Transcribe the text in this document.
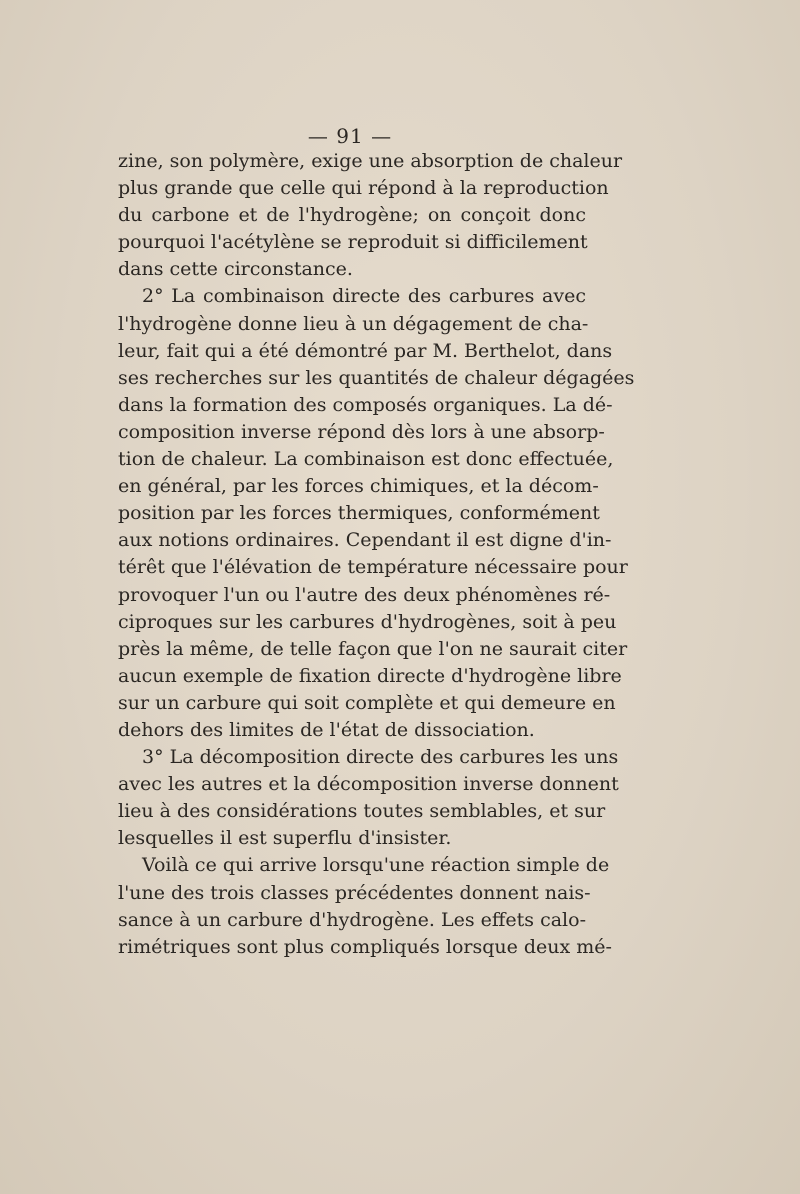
— 91 —
zine, son polymère, exige une absorption de chaleur
plus grande que celle qui répond à la reproduction
du carbone et de l'hydrogène; on conçoit donc
pourquoi l'acétylène se reproduit si difficilement
dans cette circonstance.
2° La combinaison directe des carbures avec
l'hydrogène donne lieu à un dégagement de cha-
leur, fait qui a été démontré par M. Berthelot, dans
ses recherches sur les quantités de chaleur dégagées
dans la formation des composés organiques. La dé-
composition inverse répond dès lors à une absorp-
tion de chaleur. La combinaison est donc effectuée,
en général, par les forces chimiques, et la décom-
position par les forces thermiques, conformément
aux notions ordinaires. Cependant il est digne d'in-
térêt que l'élévation de température nécessaire pour
provoquer l'un ou l'autre des deux phénomènes ré-
ciproques sur les carbures d'hydrogènes, soit à peu
près la même, de telle façon que l'on ne saurait citer
aucun exemple de fixation directe d'hydrogène libre
sur un carbure qui soit complète et qui demeure en
dehors des limites de l'état de dissociation.
3° La décomposition directe des carbures les uns
avec les autres et la décomposition inverse donnent
lieu à des considérations toutes semblables, et sur
lesquelles il est superflu d'insister.
Voilà ce qui arrive lorsqu'une réaction simple de
l'une des trois classes précédentes donnent nais-
sance à un carbure d'hydrogène. Les effets calo-
rimétriques sont plus compliqués lorsque deux mé-
